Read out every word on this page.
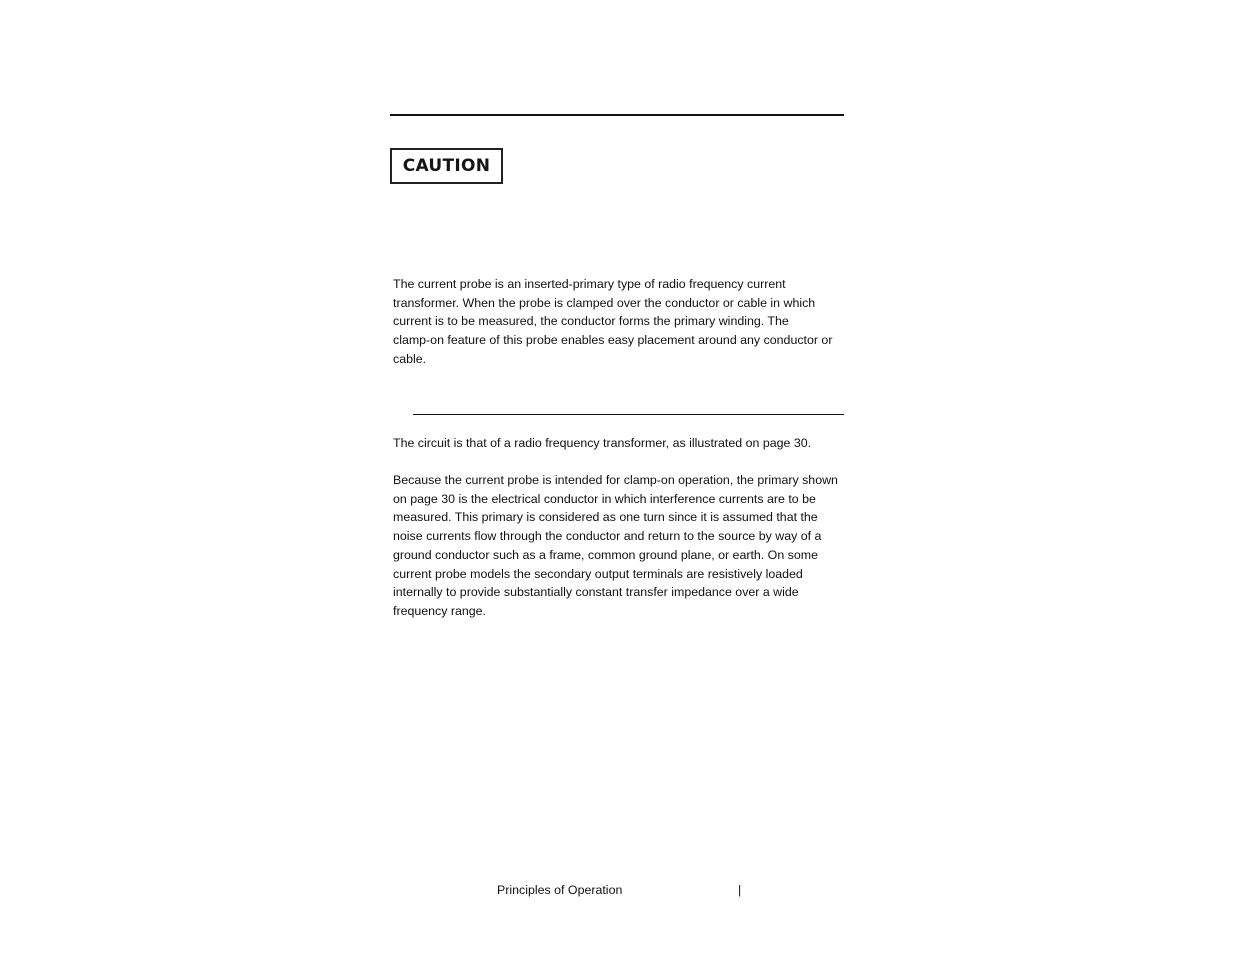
CAUTION

The current probe is an inserted-primary type of radio frequency current
transformer. When the probe is clamped over the conductor or cable in which
current is to be measured, the conductor forms the primary winding. The
clamp-on feature of this probe enables easy placement around any conductor or
cable.

The circuit is that of a radio frequency transformer, as illustrated on page 30.

Because the current probe is intended for clamp-on operation, the primary shown
on page 30 is the electrical conductor in which interference currents are to be
measured. This primary is considered as one turn since it is assumed that the
noise currents flow through the conductor and return to the source by way of a
ground conductor such as a frame, common ground plane, or earth. On some
current probe models the secondary output terminals are resistively loaded
internally to provide substantially constant transfer impedance over a wide
frequency range.

Principles of Operation	|
